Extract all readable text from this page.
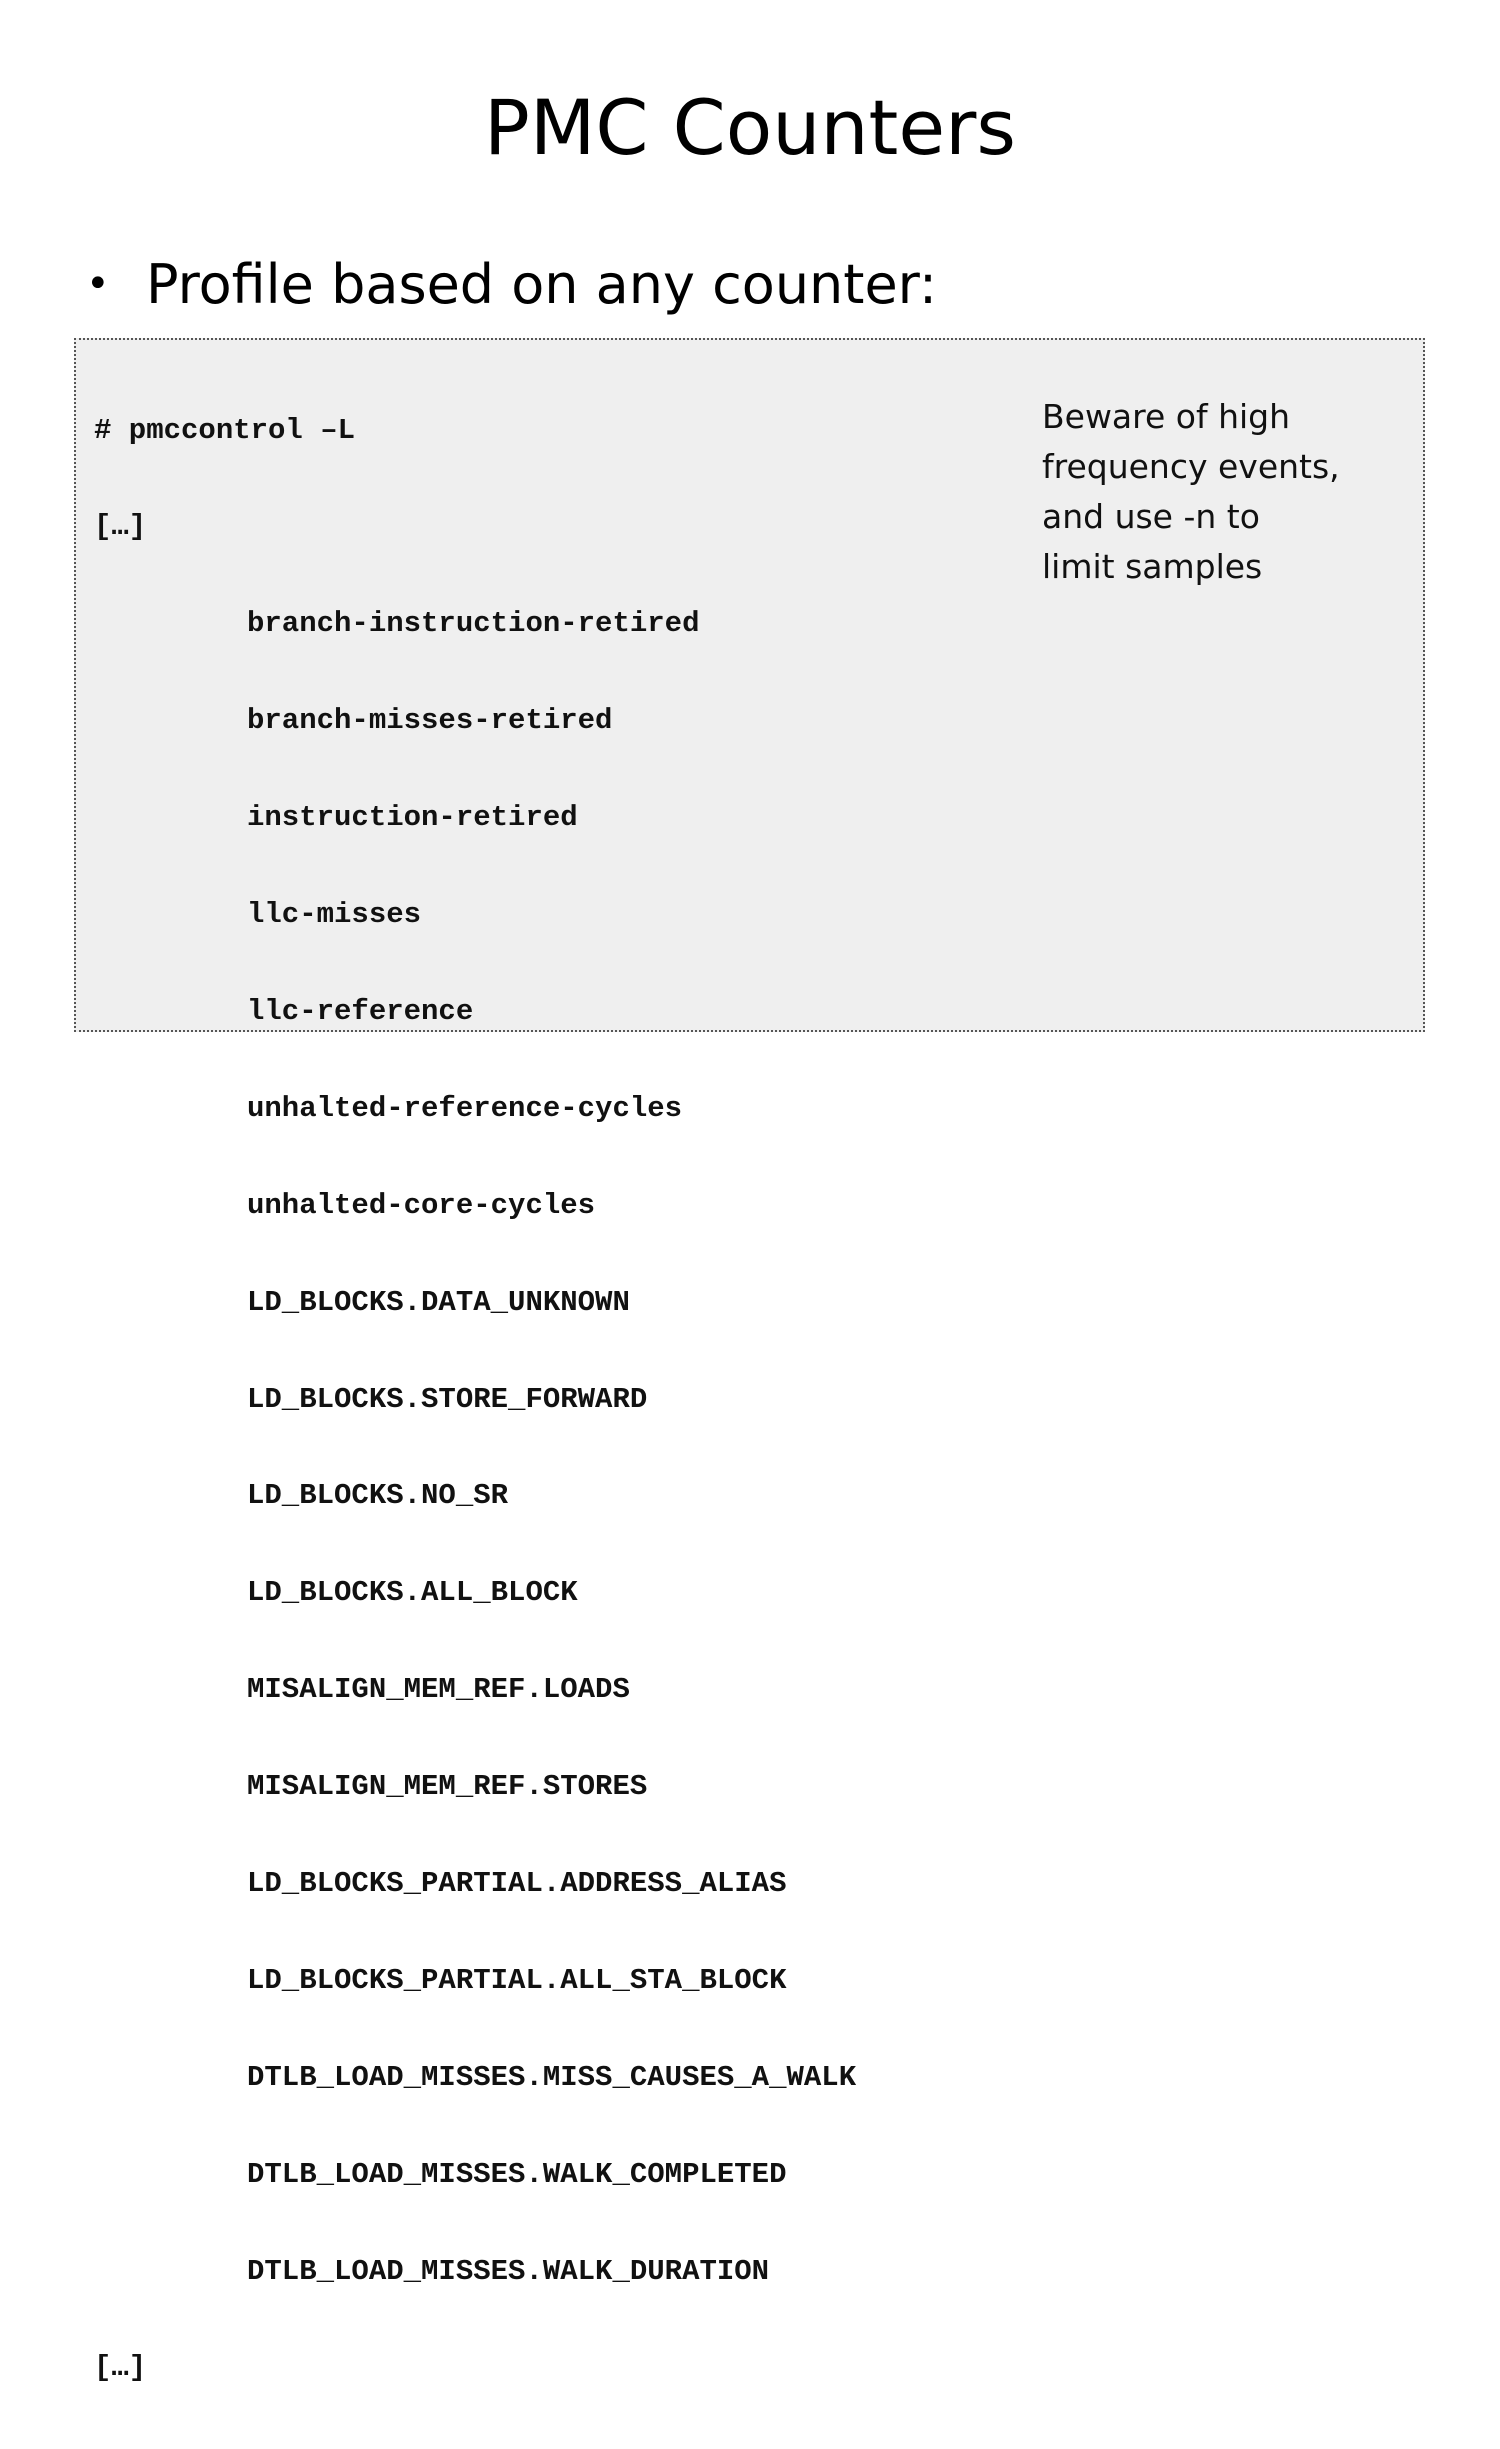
PMC Counters
• Profile based on any counter:

# pmccontrol –L

[…]

branch-instruction-retired

branch-misses-retired

instruction-retired

llc-misses

llc-reference

unhalted-reference-cycles

unhalted-core-cycles

LD_BLOCKS.DATA_UNKNOWN

LD_BLOCKS.STORE_FORWARD

LD_BLOCKS.NO_SR

LD_BLOCKS.ALL_BLOCK

MISALIGN_MEM_REF.LOADS

MISALIGN_MEM_REF.STORES

LD_BLOCKS_PARTIAL.ADDRESS_ALIAS

LD_BLOCKS_PARTIAL.ALL_STA_BLOCK

DTLB_LOAD_MISSES.MISS_CAUSES_A_WALK

DTLB_LOAD_MISSES.WALK_COMPLETED

DTLB_LOAD_MISSES.WALK_DURATION

[…]

Beware of high
frequency events,
and use -n to
limit samples
